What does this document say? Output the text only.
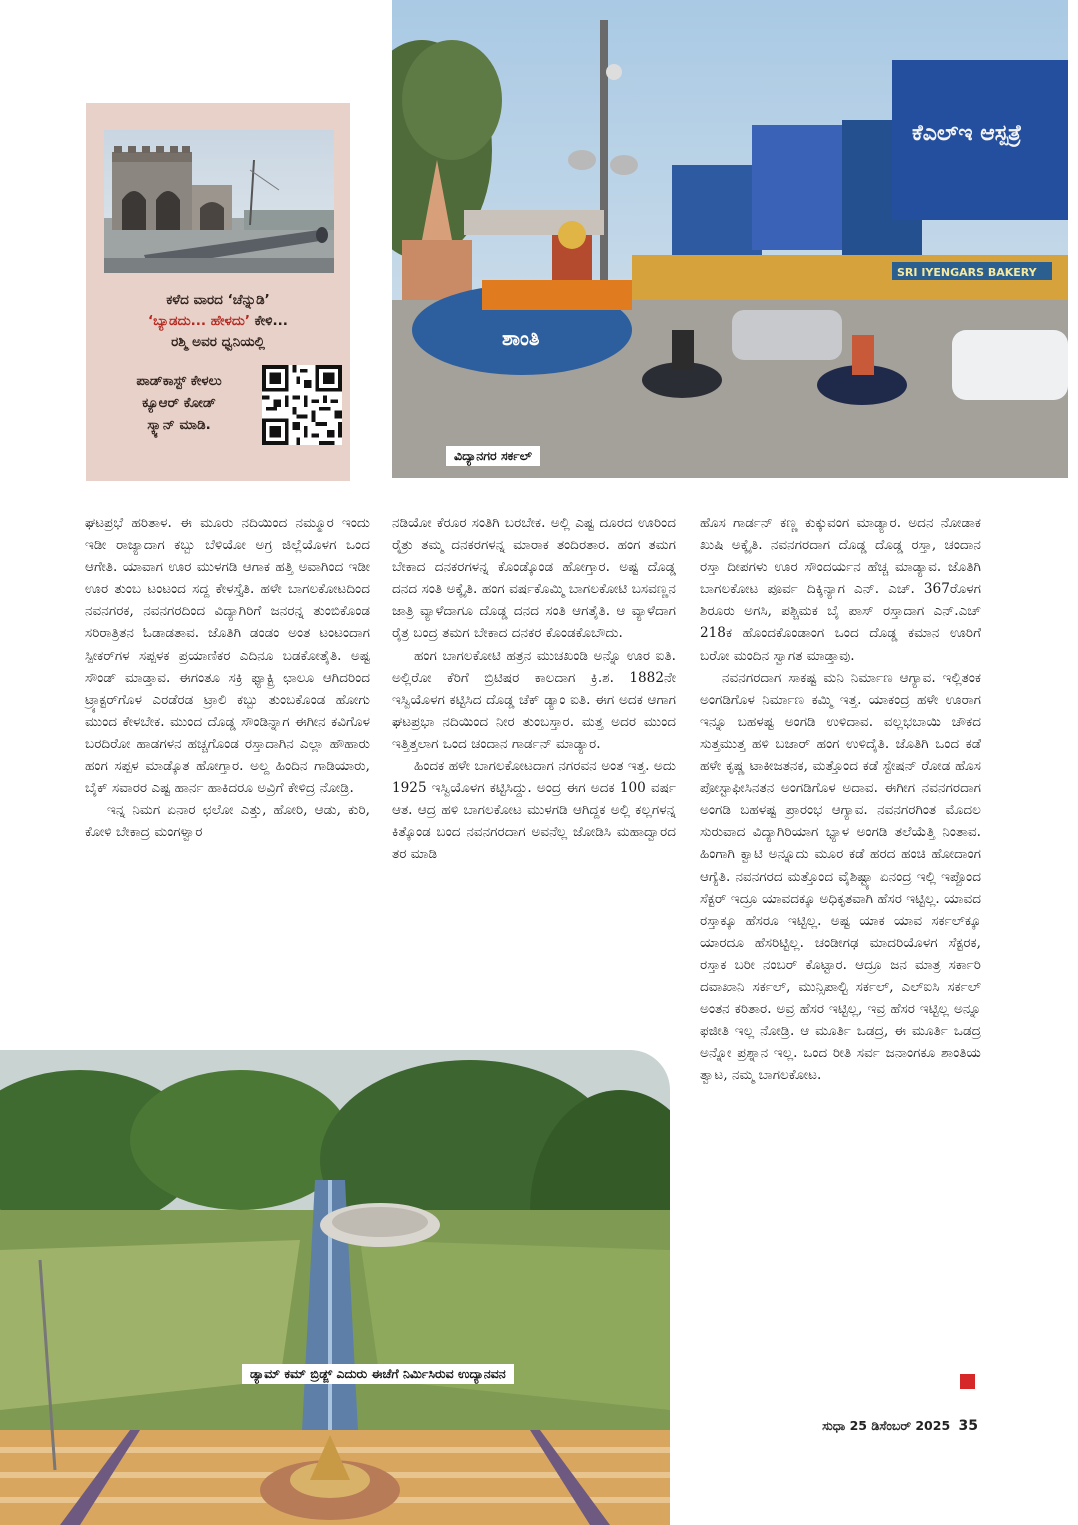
ಕಳೆದ ವಾರದ ‘ಚೆನ್ನುಡಿ’
‘ಬ್ಯಾಡದು... ಹೇಳದು’ ಕೇಳಿ...
ರಶ್ಮಿ ಅವರ ಧ್ವನಿಯಲ್ಲಿ
ಪಾಡ್‌ಕಾಸ್ಟ್ ಕೇಳಲು
ಕ್ಯೂಆರ್ ಕೋಡ್
ಸ್ಕ್ಯಾನ್ ಮಾಡಿ.
ಕೆಎಲ್‌ಇ ಆಸ್ಪತ್ರೆ
SRI IYENGARS BAKERY
ಶಾಂತಿ
ವಿದ್ಯಾನಗರ ಸರ್ಕಲ್

ಘಟಪ್ರಭೆ ಹರಿತಾಳ. ಈ ಮೂರು ನದಿಯಿಂದ ನಮ್ಮೂರ ಇಂದು ಇಡೀ ರಾಜ್ಯಾದಾಗ ಕಬ್ಬು ಬೆಳಿಯೋ ಅಗ್ರ ಜಿಲ್ಲೆಯೊಳಗ ಒಂದ ಆಗೇತಿ. ಯಾವಾಗ ಊರ ಮುಳಗಡಿ ಆಗಾಕ ಹತ್ತಿ ಅವಾಗಿಂದ ಇಡೀ ಊರ ತುಂಬ ಟಂಟಂದ ಸದ್ದ ಕೇಳಸ್ತೈತಿ. ಹಳೇ ಬಾಗಲಕೋಟದಿಂದ ನವನಗರಕ, ನವನಗರದಿಂದ ವಿದ್ಯಾಗಿರಿಗೆ ಜನರನ್ನ ತುಂಬಿಕೊಂಡ ಸರಿರಾತ್ರಿತನ ಓಡಾಡತಾವ. ಜೊತಿಗಿ ಡಂಡಂ ಅಂತ ಟಂಟಂದಾಗ ಸ್ಪೀಕರ್‌ಗಳ ಸಪ್ಪಳಕ ಪ್ರಯಾಣಿಕರ ಎದಿನೂ ಬಡಕೋತೈತಿ. ಅಷ್ಟ ಸೌಂಡ್ ಮಾಡ್ತಾವ. ಈಗಂತೂ ಸಕ್ರಿ ಫ್ಯಾಕ್ಟ್ರಿ ಛಾಲೂ ಆಗಿದರಿಂದ ಟ್ರ್ಯಾಕ್ಟರ್‌ಗೊಳ ಎರಡೆರಡ ಟ್ರಾಲಿ ಕಬ್ಬು ತುಂಬಕೊಂಡ ಹೋಗು ಮುಂದ ಕೇಳಬೇಕ. ಮುಂದ ದೊಡ್ಡ ಸೌಂಡಿನ್ನಾಗ ಈಗೀನ ಕವಿಗೊಳ ಬರದಿರೋ ಹಾಡಗಳನ ಹಚ್ಚಗೊಂಡ ರಸ್ತಾದಾಗಿನ ಎಲ್ಲಾ ಹೌಹಾರು ಹಂಗ ಸಪ್ಪಳ ಮಾಡ್ಕೊತ ಹೋಗ್ತಾರ. ಅಲ್ದ ಹಿಂದಿನ ಗಾಡಿಯಾರು, ಬೈಕ್ ಸವಾರರ ಎಷ್ಟ ಹಾರ್ನ ಹಾಕಿದರೂ ಅವ್ರಿಗೆ ಕೇಳಿದ್ರ ನೋಡ್ರಿ.

ಇನ್ನ ನಿಮಗ ಏನಾರ ಛಲೋ ಎತ್ತು, ಹೋರಿ, ಆಡು, ಕುರಿ, ಕೋಳಿ ಬೇಕಾದ್ರ ಮಂಗಳ್ವಾರ

ನಡಿಯೋ ಕೆರೂರ ಸಂತಿಗಿ ಬರಬೇಕ. ಅಲ್ಲಿ ಎಷ್ಟ ದೂರದ ಊರಿಂದ ರೈತ್ರು ತಮ್ಮ ದನಕರಗಳನ್ನ ಮಾರಾಕ ತಂದಿರತಾರ. ಹಂಗ ತಮಗ ಬೇಕಾದ ದನಕರಗಳನ್ನ ಕೊಂಡ್ಕೊಂಡ ಹೋಗ್ತಾರ. ಅಷ್ಟ ದೊಡ್ಡ ದನದ ಸಂತಿ ಅಕ್ಕೈತಿ. ಹಂಗ ವರ್ಷಕೊಮ್ಮಿ ಬಾಗಲಕೋಟಿ ಬಸವಣ್ಣನ ಜಾತ್ರಿ ವ್ಯಾಳೆದಾಗೂ ದೊಡ್ಡ ದನದ ಸಂತಿ ಆಗತೈತಿ. ಆ ವ್ಯಾಳೆದಾಗ ರೈತ್ರ ಬಂದ್ರ ತಮಗ ಬೇಕಾದ ದನಕರ ಕೊಂಡಕೊಬೌದು.

ಹಂಗ ಬಾಗಲಕೋಟಿ ಹತ್ರನ ಮುಚಖಂಡಿ ಅನ್ನೊ ಊರ ಐತಿ. ಅಲ್ಲಿರೋ ಕೆರಿಗೆ ಬ್ರಿಟಿಷರ ಕಾಲದಾಗ ಕ್ರಿ.ಶ. 1882ನೇ ಇಸ್ವಿಯೊಳಗ ಕಟ್ಟಿಸಿದ ದೊಡ್ಡ ಚೆಕ್ ಡ್ಯಾಂ ಐತಿ. ಈಗ ಅದಕ ಆಗಾಗ ಘಟಪ್ರಭಾ ನದಿಯಿಂದ ನೀರ ತುಂಬಸ್ತಾರ. ಮತ್ತ ಅದರ ಮುಂದ ಇತ್ತಿತ್ತಲಾಗ ಒಂದ ಚಂದಾನ ಗಾರ್ಡನ್ ಮಾಡ್ಯಾರ.

ಹಿಂದಕ ಹಳೇ ಬಾಗಲಕೋಟದಾಗ ನಗರವನ ಅಂತ ಇತ್ತ. ಅದು 1925 ಇಸ್ವಿಯೊಳಗ ಕಟ್ಟಿಸಿದ್ದು. ಅಂದ್ರ ಈಗ ಅದಕ 100 ವರ್ಷ ಆತ. ಆದ್ರ ಹಳಿ ಬಾಗಲಕೋಟ ಮುಳಗಡಿ ಆಗಿದ್ದಕ ಅಲ್ಲಿ ಕಲ್ಲಗಳನ್ನ ಕಿತ್ಕೊಂಡ ಬಂದ ನವನಗರದಾಗ ಅವನೆಲ್ಲ ಜೋಡಿಸಿ ಮಹಾದ್ವಾರದ ತರ ಮಾಡಿ

ಹೊಸ ಗಾರ್ಡನ್ ಕಣ್ಣ ಕುಕ್ಕುವಂಗ ಮಾಡ್ಯಾರ. ಅದನ ನೋಡಾಕ ಖುಷಿ ಅಕ್ಕೈತಿ. ನವನಗರದಾಗ ದೊಡ್ಡ ದೊಡ್ಡ ರಸ್ತಾ, ಚಂದಾನ ರಸ್ತಾ ದೀಪಗಳು ಊರ ಸೌಂದರ್ಯನ ಹೆಚ್ಚ ಮಾಡ್ಯಾವ. ಜೊತಿಗಿ ಬಾಗಲಕೋಟ ಪೂರ್ವ ದಿಕ್ಕಿನ್ಯಾಗ ಎನ್. ಎಚ್. 367ರೊಳಗ ಶಿರೂರು ಅಗಸಿ, ಪಶ್ಚಿಮಕ ಬೈ ಪಾಸ್ ರಸ್ತಾದಾಗ ಎನ್.ಎಚ್ 218ಕ ಹೊಂದಕೊಂಡಾಂಗ ಒಂದ ದೊಡ್ಡ ಕಮಾನ ಊರಿಗೆ ಬರೋ ಮಂದಿನ ಸ್ವಾಗತ ಮಾಡ್ತಾವು.

ನವನಗರದಾಗ ಸಾಕಷ್ಟ ಮನಿ ನಿರ್ಮಾಣ ಆಗ್ಯಾವ. ಇಲ್ಲಿತಂಕ ಅಂಗಡಿಗೊಳ ನಿರ್ಮಾಣ ಕಮ್ಮಿ ಇತ್ತ. ಯಾಕಂದ್ರ ಹಳೇ ಊರಾಗ ಇನ್ನೂ ಬಹಳಷ್ಟ ಅಂಗಡಿ ಉಳಿದಾವ. ವಲ್ಲಭಬಾಯಿ ಚೌಕದ ಸುತ್ತಮುತ್ತ ಹಳಿ ಬಜಾರ್ ಹಂಗ ಉಳಿದೈತಿ. ಜೊತಿಗಿ ಒಂದ ಕಡೆ ಹಳೇ ಕೃಷ್ಣ ಟಾಕೀಜತನಕ, ಮತ್ತೊಂದ ಕಡೆ ಸ್ಟೇಷನ್ ರೋಡ ಹೊಸ ಪೋಸ್ಟಾಫೀಸಿನತನ ಅಂಗಡಿಗೊಳ ಅದಾವ. ಈಗೀಗ ನವನಗರದಾಗ ಅಂಗಡಿ ಬಹಳಷ್ಟ ಪ್ರಾರಂಭ ಆಗ್ಯಾವ. ನವನಗರಗಿಂತ ಮೊದಲ ಸುರುವಾದ ವಿದ್ಯಾಗಿರಿಯಾಗ ಭ್ಯಾಳ ಅಂಗಡಿ ತಲೆಯೆತ್ತಿ ನಿಂತಾವ. ಹಿಂಗಾಗಿ ಕ್ವಾಟಿ ಅನ್ನೂದು ಮೂರ ಕಡೆ ಹರದ ಹಂಚಿ ಹೋದಾಂಗ ಆಗ್ಯೆತಿ. ನವನಗರದ ಮತ್ತೊಂದ ವೈಶಿಷ್ಟ್ಯಾ ಏನಂದ್ರ ಇಲ್ಲಿ ಇಪ್ಪೊಂದ ಸೆಕ್ಟರ್ ಇದ್ರೂ ಯಾವದಕ್ಕೂ ಅಧಿಕೃತವಾಗಿ ಹೆಸರ ಇಟ್ಟಿಲ್ಲ. ಯಾವದ ರಸ್ತಾಕ್ಕೂ ಹೆಸರೂ ಇಟ್ಟಿಲ್ಲ. ಅಷ್ಟ ಯಾಕ ಯಾವ ಸರ್ಕಲ್‌ಕ್ಕೂ ಯಾರದೂ ಹೆಸರಿಟ್ಟಿಲ್ಲ. ಚಂಡೀಗಢ ಮಾದರಿಯೊಳಗ ಸೆಕ್ಟರಕ, ರಸ್ತಾಕ ಬರೀ ನಂಬರ್ ಕೊಟ್ಟಾರ. ಆದ್ರೂ ಜನ ಮಾತ್ರ ಸರ್ಕಾರಿ ದವಾಖಾನಿ ಸರ್ಕಲ್, ಮುನ್ಸಿಪಾಲ್ಟಿ ಸರ್ಕಲ್, ಎಲ್ಐಸಿ ಸರ್ಕಲ್ ಅಂತನ ಕರಿತಾರ. ಅವ್ರ ಹೆಸರ ಇಟ್ಟಿಲ್ಲ, ಇವ್ರ ಹೆಸರ ಇಟ್ಟಿಲ್ಲ ಅನ್ನೂ ಫಜೀತಿ ಇಲ್ಲ ನೋಡ್ರಿ. ಆ ಮೂರ್ತಿ ಒಡದ್ರ, ಈ ಮೂರ್ತಿ ಒಡದ್ರ ಅನ್ನೋ ಪ್ರಶ್ನಾನ ಇಲ್ಲ. ಒಂದ ರೀತಿ ಸರ್ವ ಜನಾಂಗಕೂ ಶಾಂತಿಯ ತ್ವಾಟ, ನಮ್ಮ ಬಾಗಲಕೋಟ.

ಡ್ಯಾಮ್ ಕಮ್ ಬ್ರಿಡ್ಜ್ ಎದುರು ಈಚೆಗೆ ನಿರ್ಮಿಸಿರುವ ಉದ್ಯಾನವನ
ಸುಧಾ 25 ಡಿಸೆಂಬರ್ 2025 35
